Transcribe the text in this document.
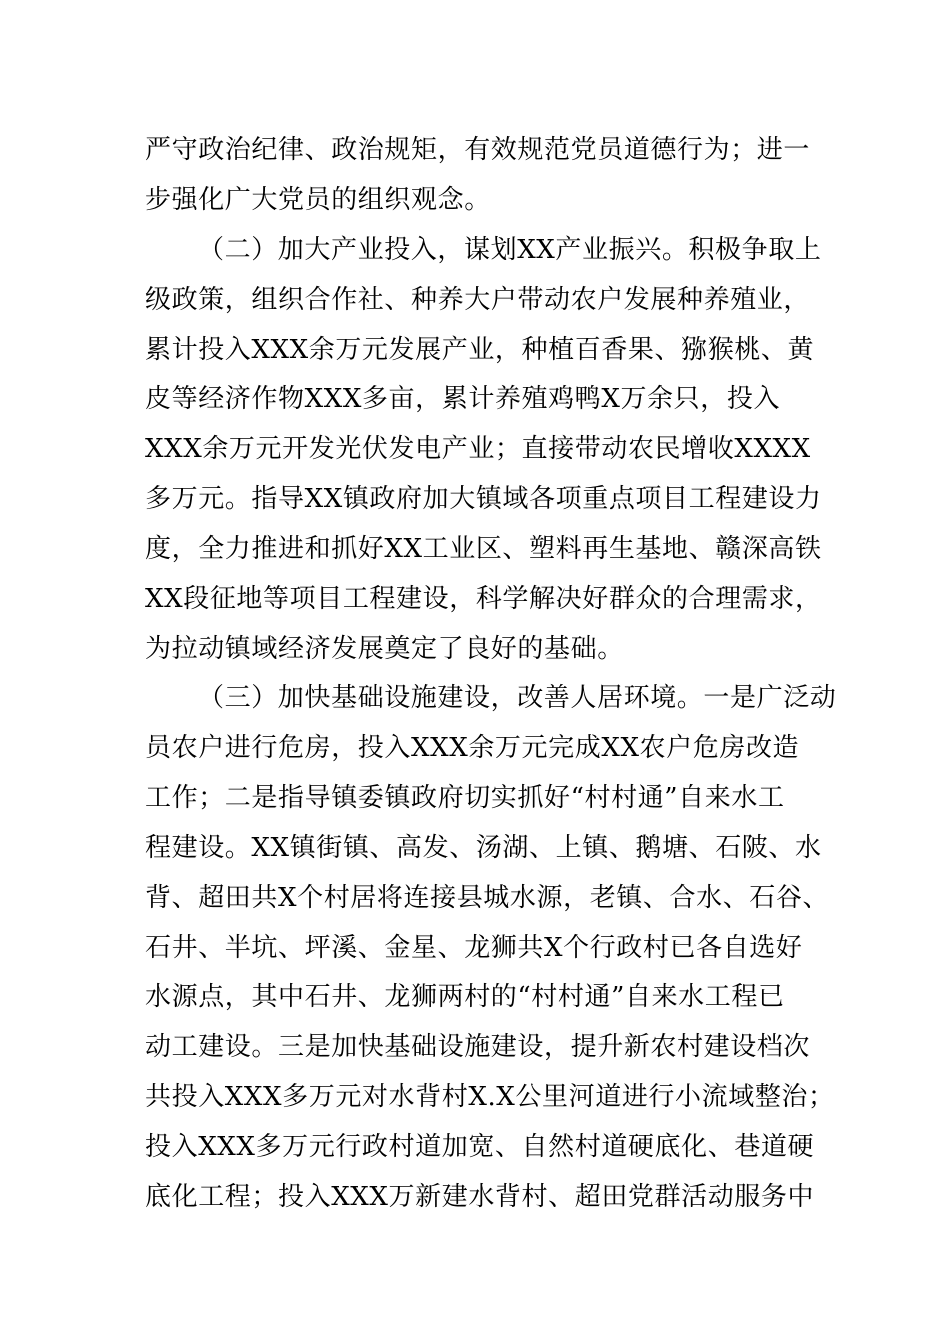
严守政治纪律、政治规矩，有效规范党员道德行为；进一
步强化广大党员的组织观念。
（二）加大产业投入，谋划XX产业振兴。积极争取上
级政策，组织合作社、种养大户带动农户发展种养殖业，
累计投入XXX余万元发展产业，种植百香果、猕猴桃、黄
皮等经济作物XXX多亩，累计养殖鸡鸭X万余只，投入
XXX余万元开发光伏发电产业；直接带动农民增收XXXX
多万元。指导XX镇政府加大镇域各项重点项目工程建设力
度，全力推进和抓好XX工业区、塑料再生基地、赣深高铁
XX段征地等项目工程建设，科学解决好群众的合理需求，
为拉动镇域经济发展奠定了良好的基础。
（三）加快基础设施建设，改善人居环境。一是广泛动
员农户进行危房，投入XXX余万元完成XX农户危房改造
工作；二是指导镇委镇政府切实抓好“村村通”自来水工
程建设。XX镇街镇、高发、汤湖、上镇、鹅塘、石陂、水
背、超田共X个村居将连接县城水源，老镇、合水、石谷、
石井、半坑、坪溪、金星、龙狮共X个行政村已各自选好
水源点，其中石井、龙狮两村的“村村通”自来水工程已
动工建设。三是加快基础设施建设，提升新农村建设档次
共投入XXX多万元对水背村X.X公里河道进行小流域整治；
投入XXX多万元行政村道加宽、自然村道硬底化、巷道硬
底化工程；投入XXX万新建水背村、超田党群活动服务中
